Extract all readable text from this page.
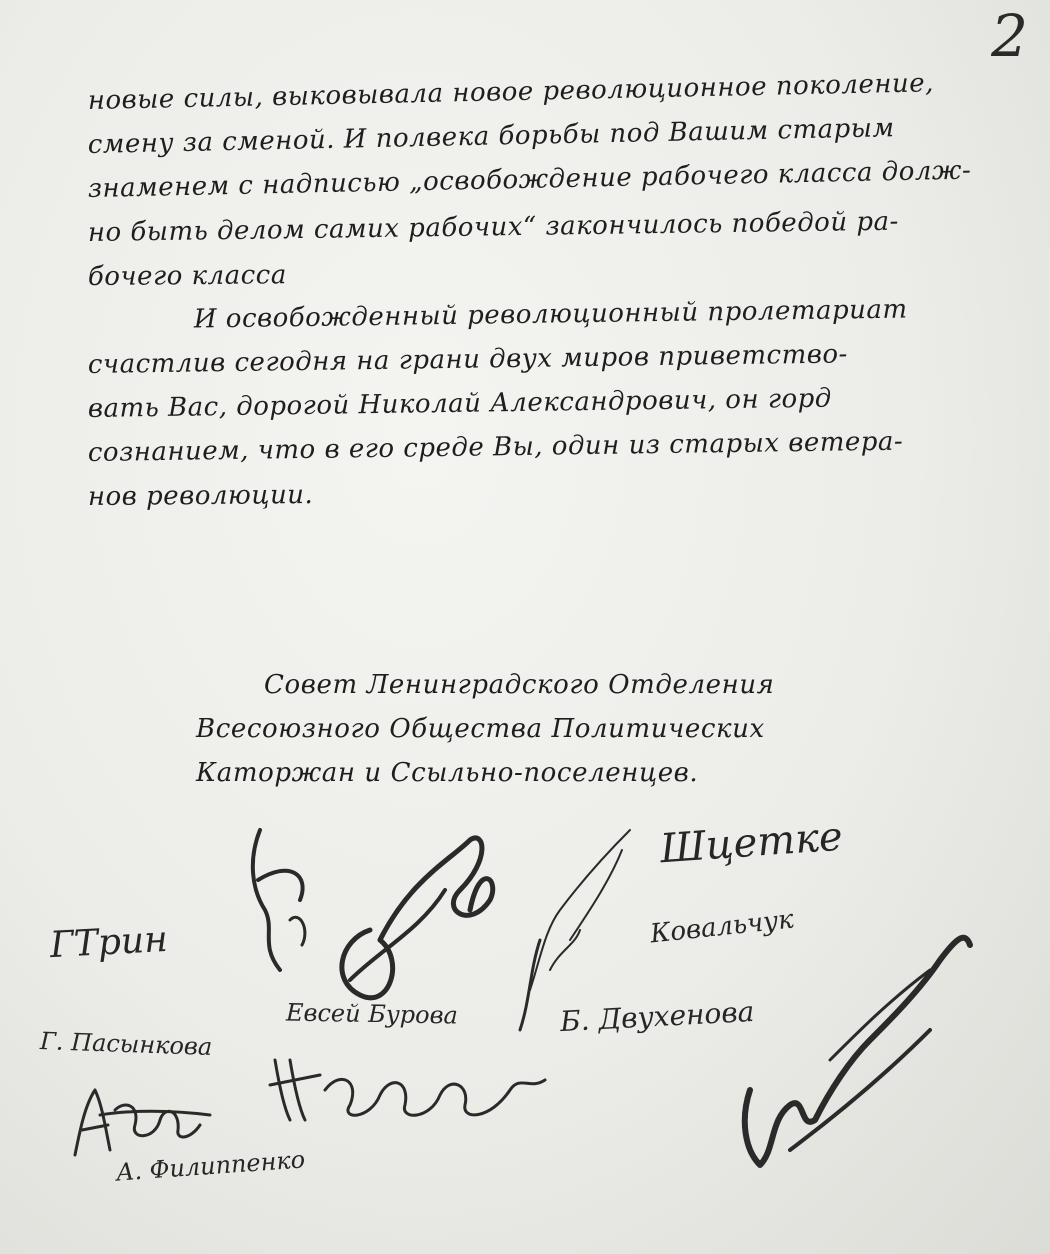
2
новые силы, выковывала новое революционное поколение,
смену за сменой. И полвека борьбы под Вашим старым
знаменем с надписью „освобождение рабочего класса долж-
но быть делом самих рабочих“ закончилось победой ра-
бочего класса
И освобожденный революционный пролетариат
счастлив сегодня на грани двух миров приветство-
вать Вас, дорогой Николай Александрович, он горд
сознанием, что в его среде Вы, один из старых ветера-
нов революции.
Совет Ленинградского Отделения
Всесоюзного Общества Политических
Каторжан и Ссыльно-поселенцев.
Шцетке
Ковальчук
ГТрин
Г. Пасынкова
Евсей Бурова	Б. Двухенова
А. Филиппенко
